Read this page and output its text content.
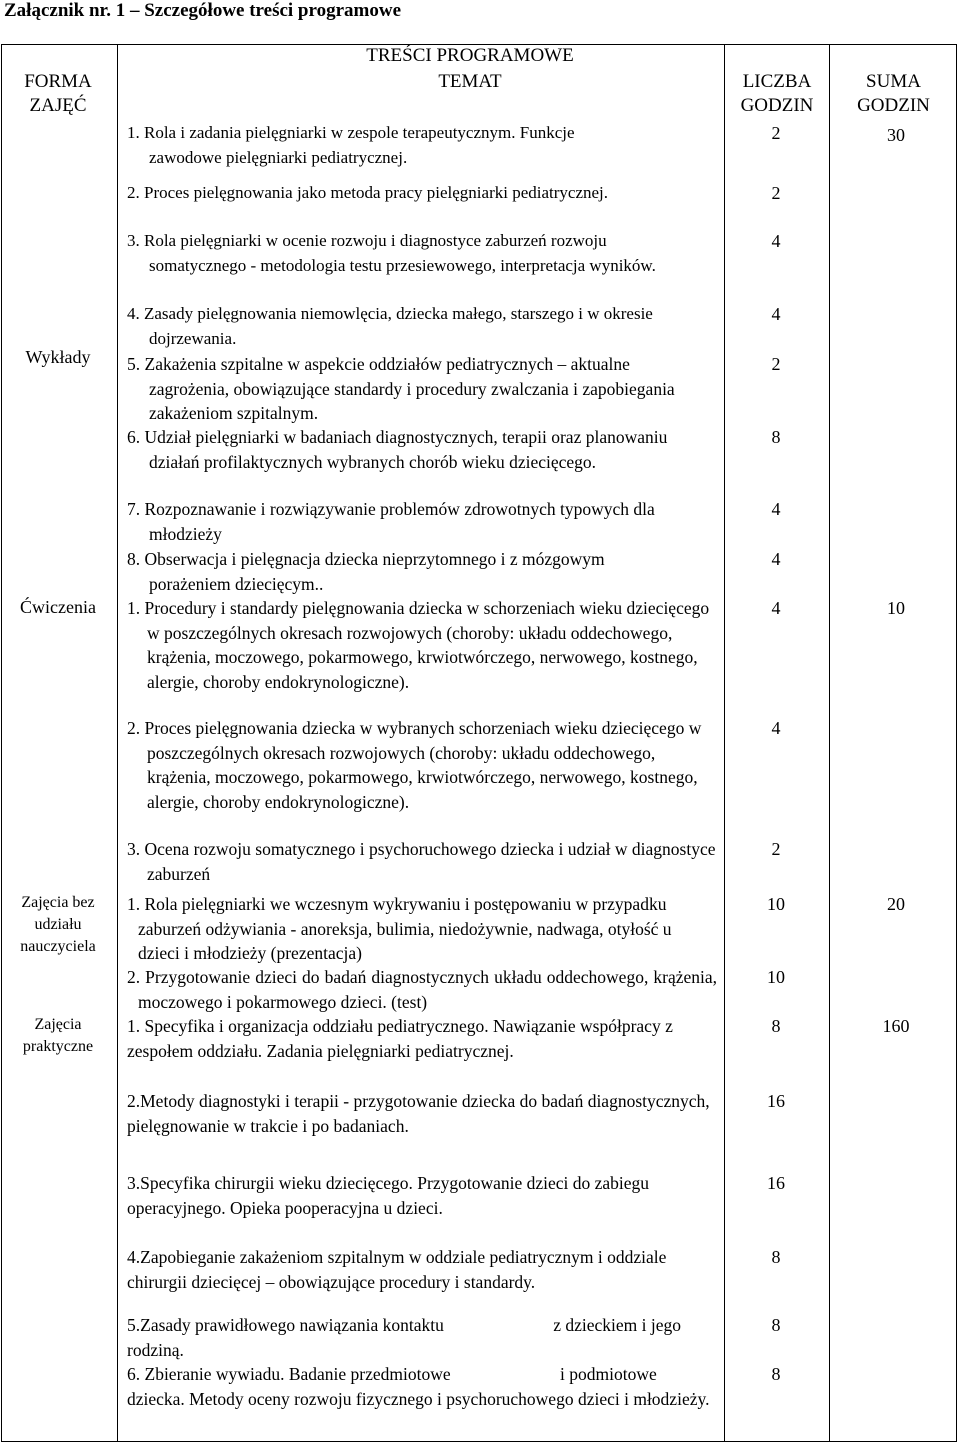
Załącznik nr. 1 – Szczegółowe treści programowe
TREŚCI PROGRAMOWE
FORMA ZAJĘĆ
TEMAT	LICZBA GODZIN
SUMA GODZIN
Wykłady
Ćwiczenia
Zajęcia bez udziału nauczyciela
Zajęcia praktyczne
30
10
20
160
1. Rola i zadania pielęgniarki w zespole terapeutycznym. Funkcje zawodowe pielęgniarki pediatrycznej.
2
2. Proces pielęgnowania jako metoda pracy pielęgniarki pediatrycznej.	2
3. Rola pielęgniarki w ocenie rozwoju i diagnostyce zaburzeń rozwoju somatycznego - metodologia testu przesiewowego, interpretacja wyników.
4
4. Zasady pielęgnowania niemowlęcia, dziecka małego, starszego i w okresie dojrzewania.
4
5. Zakażenia szpitalne w aspekcie oddziałów pediatrycznych – aktualne zagrożenia, obowiązujące standardy i procedury zwalczania i zapobiegania zakażeniom szpitalnym.
2
6. Udział pielęgniarki w badaniach diagnostycznych, terapii oraz planowaniu działań profilaktycznych wybranych chorób wieku dziecięcego.
8
7. Rozpoznawanie i rozwiązywanie problemów zdrowotnych typowych dla młodzieży
4
8. Obserwacja i pielęgnacja dziecka nieprzytomnego i z mózgowym porażeniem dziecięcym..
4
1. Procedury i standardy pielęgnowania dziecka w schorzeniach wieku dziecięcego w poszczególnych okresach rozwojowych (choroby: układu oddechowego, krążenia, moczowego, pokarmowego, krwiotwórczego, nerwowego, kostnego, alergie, choroby endokrynologiczne).
4
2. Proces pielęgnowania dziecka w wybranych schorzeniach wieku dziecięcego w poszczególnych okresach rozwojowych (choroby: układu oddechowego, krążenia, moczowego, pokarmowego, krwiotwórczego, nerwowego, kostnego, alergie, choroby endokrynologiczne).
4
3. Ocena rozwoju somatycznego i psychoruchowego dziecka i udział w diagnostyce zaburzeń
2
1. Rola pielęgniarki we wczesnym wykrywaniu i postępowaniu w przypadku zaburzeń odżywiania - anoreksja, bulimia, niedożywnie, nadwaga, otyłość u dzieci i młodzieży (prezentacja)
10
2. Przygotowanie dzieci do badań diagnostycznych układu oddechowego, krążenia, moczowego i pokarmowego dzieci. (test)
10
1. Specyfika i organizacja oddziału pediatrycznego. Nawiązanie współpracy z zespołem oddziału. Zadania pielęgniarki pediatrycznej.
8
2.Metody diagnostyki i terapii - przygotowanie dziecka do badań diagnostycznych, pielęgnowanie w trakcie i po badaniach.
16
3.Specyfika chirurgii wieku dziecięcego. Przygotowanie dzieci do zabiegu operacyjnego. Opieka pooperacyjna u dzieci.
16
4.Zapobieganie zakażeniom szpitalnym w oddziale pediatrycznym i oddziale chirurgii dziecięcej – obowiązujące procedury i standardy.
8
5.Zasady prawidłowego nawiązania kontaktu                         z dzieckiem i jego rodziną.
8
6. Zbieranie wywiadu. Badanie przedmiotowe                         i podmiotowe dziecka. Metody oceny rozwoju fizycznego i psychoruchowego dzieci i młodzieży.
8
